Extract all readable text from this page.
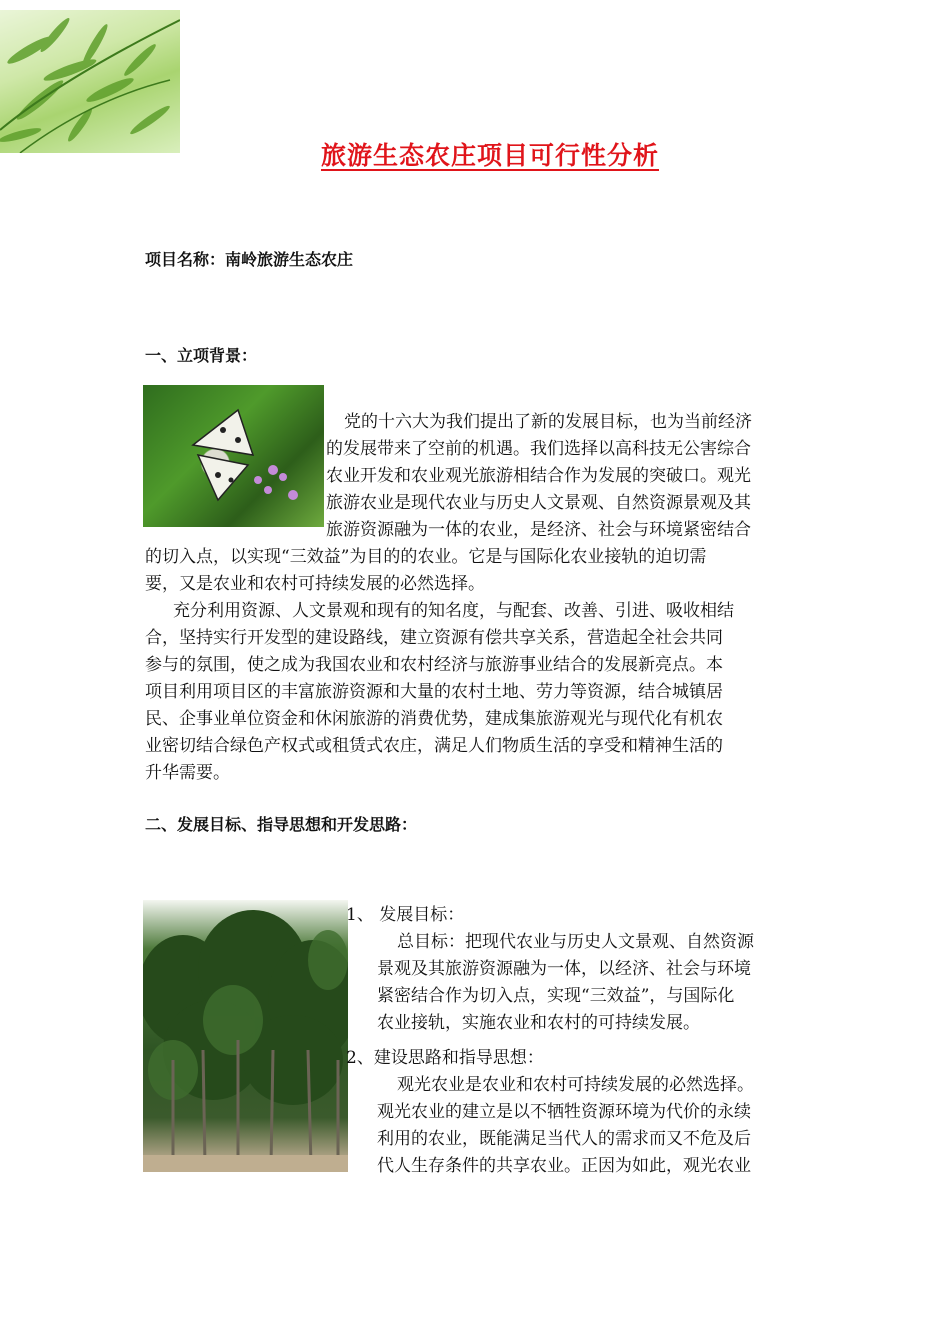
旅游生态农庄项目可行性分析
项目名称：南岭旅游生态农庄
一、立项背景：
党的十六大为我们提出了新的发展目标，也为当前经济
的发展带来了空前的机遇。我们选择以高科技无公害综合
农业开发和农业观光旅游相结合作为发展的突破口。观光
旅游农业是现代农业与历史人文景观、自然资源景观及其
旅游资源融为一体的农业，是经济、社会与环境紧密结合
的切入点，以实现“三效益”为目的的农业。它是与国际化农业接轨的迫切需
要，又是农业和农村可持续发展的必然选择。
充分利用资源、人文景观和现有的知名度，与配套、改善、引进、吸收相结
合，坚持实行开发型的建设路线，建立资源有偿共享关系，营造起全社会共同
参与的氛围，使之成为我国农业和农村经济与旅游事业结合的发展新亮点。本
项目利用项目区的丰富旅游资源和大量的农村土地、劳力等资源，结合城镇居
民、企事业单位资金和休闲旅游的消费优势，建成集旅游观光与现代化有机农
业密切结合绿色产权式或租赁式农庄，满足人们物质生活的享受和精神生活的
升华需要。
二、发展目标、指导思想和开发思路：
1、 发展目标：
总目标：把现代农业与历史人文景观、自然资源
景观及其旅游资源融为一体，以经济、社会与环境
紧密结合作为切入点，实现“三效益”，与国际化
农业接轨，实施农业和农村的可持续发展。
2、建设思路和指导思想：
观光农业是农业和农村可持续发展的必然选择。
观光农业的建立是以不牺牲资源环境为代价的永续
利用的农业，既能满足当代人的需求而又不危及后
代人生存条件的共享农业。正因为如此，观光农业
